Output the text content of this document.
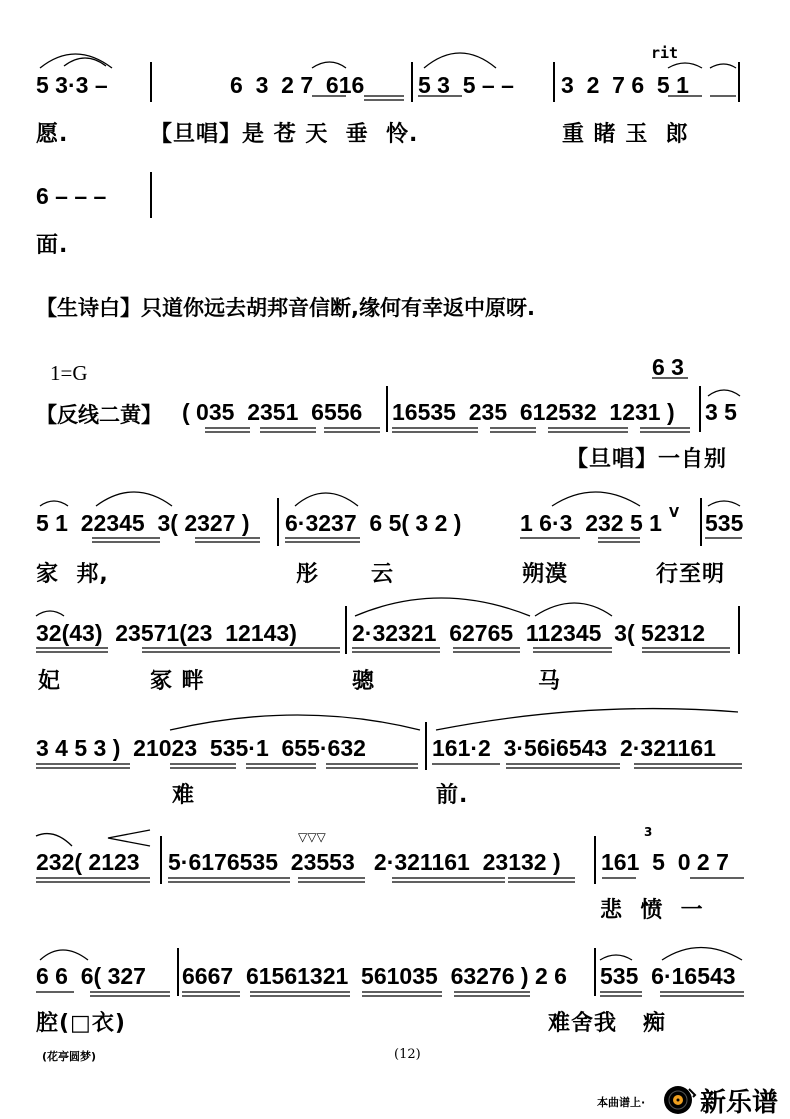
5 3·3 –	6  3  2 7  616 5 3  5 – – 3  2  7 6  5 1
rit
愿.	【旦唱】是 苍 天  垂  怜.	重 睹 玉  郎
6 – – –
面.
【生诗白】只道你远去胡邦音信断,缘何有幸返中原呀.
1=G
【反线二黄】 ( 035  2351  6556 16535  235  612532  1231 ) 3 5
6 3
【旦唱】一自别
5 1  22345  3( 2327 ) 6·3237  6 5( 3 2 )	1 6·3  232 5 1 V 535
家  邦,	彤      云	朔漠	行至明
32(43)  23571(23  12143) 2·32321  62765  112345  3( 52312
妃	冢 畔	骢	马
3 4 5 3 )  21023  535·1  655·632	161·2  3·56i6543  2·321161
难	前.
232( 2123 5·6176535  23553   2·321161  23132 )
▽▽▽
161  5  0 2 7
3
悲  愤  一
6 6  6( 327 6667  61561321  561035  63276 ) 2 6 535  6·16543
腔(□衣)	难舍我   痴
(花亭圆梦)	(12)
本曲谱上· 新乐谱
